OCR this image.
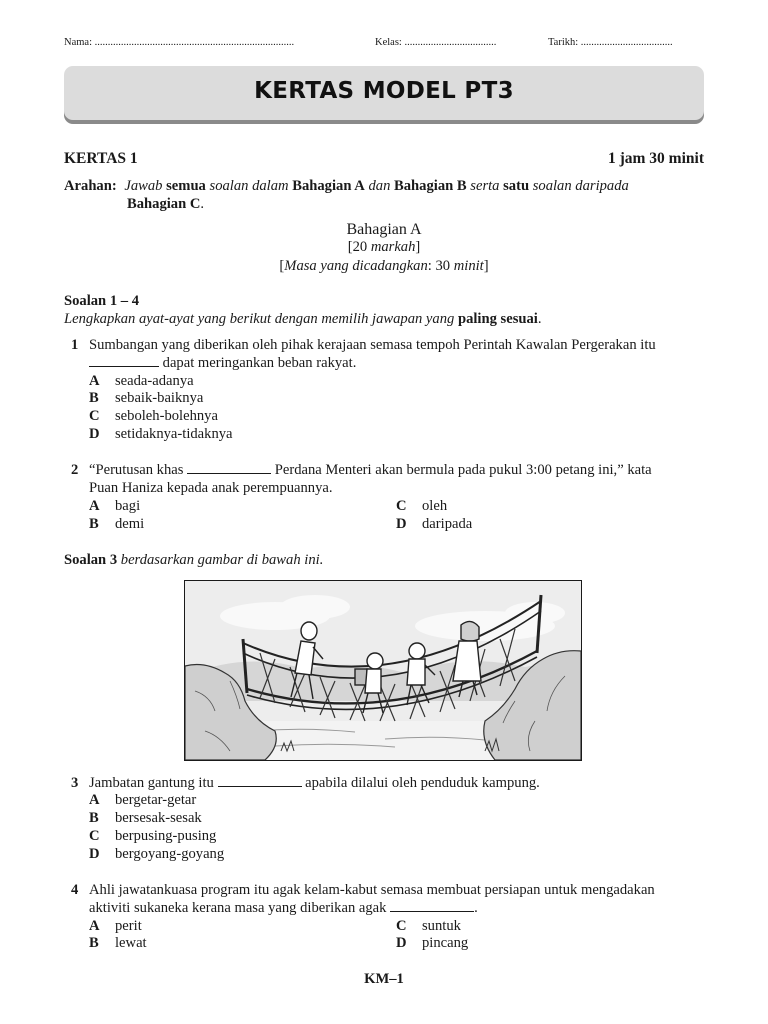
Nama: ............................................................................	Kelas: ...................................	Tarikh: ...................................
KERTAS MODEL PT3
KERTAS 1	1 jam 30 minit
Arahan: Jawab semua soalan dalam Bahagian A dan Bahagian B serta satu soalan daripada
Bahagian C.
Bahagian A
[20 markah]
[Masa yang dicadangkan: 30 minit]
Soalan 1 – 4
Lengkapkan ayat-ayat yang berikut dengan memilih jawapan yang paling sesuai.
1 Sumbangan yang diberikan oleh pihak kerajaan semasa tempoh Perintah Kawalan Pergerakan itu
dapat meringankan beban rakyat.
A seada-adanya
B sebaik-baiknya
C seboleh-bolehnya
D setidaknya-tidaknya
2 “Perutusan khas	Perdana Menteri akan bermula pada pukul 3:00 petang ini,” kata
Puan Haniza kepada anak perempuannya.
A bagi
B demi
C oleh
D daripada
Soalan 3 berdasarkan gambar di bawah ini.
3 Jambatan gantung itu	apabila dilalui oleh penduduk kampung.
A bergetar-getar
B bersesak-sesak
C berpusing-pusing
D bergoyang-goyang
4 Ahli jawatankuasa program itu agak kelam-kabut semasa membuat persiapan untuk mengadakan
aktiviti sukaneka kerana masa yang diberikan agak	.
A perit
B lewat
C suntuk
D pincang
KM–1
